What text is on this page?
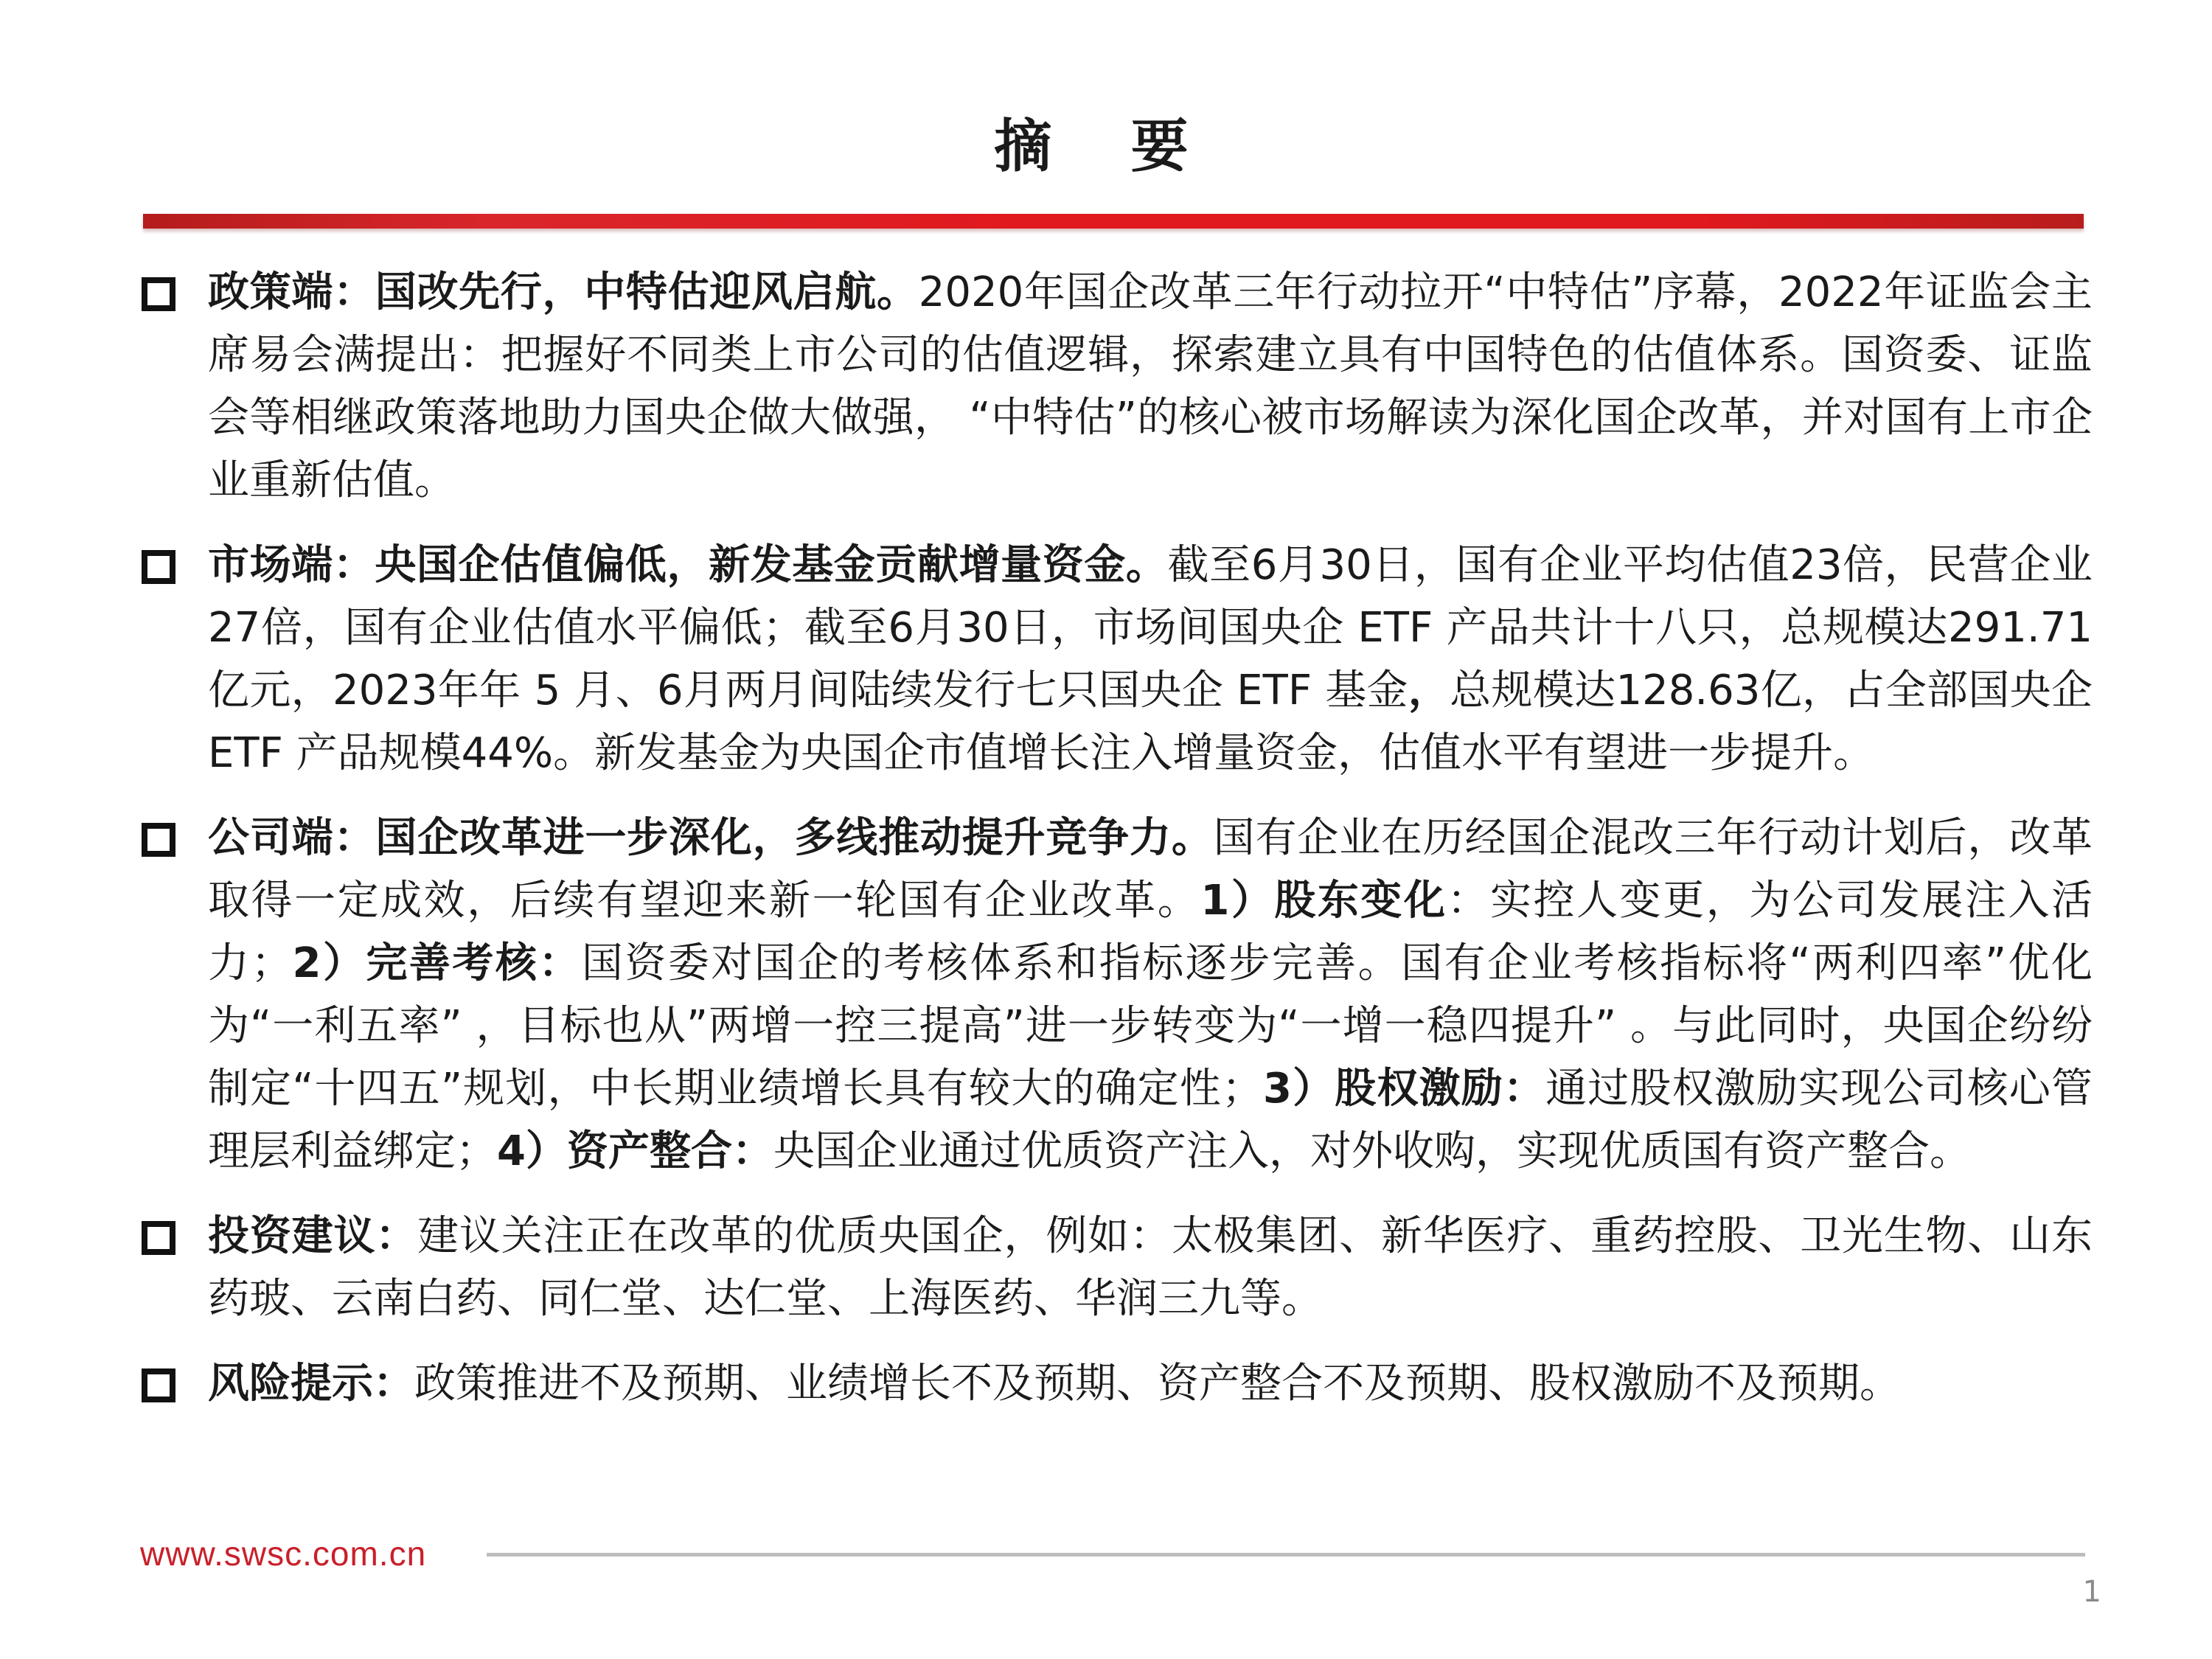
摘 要
政策端：国改先行，中特估迎风启航。2020年国企改革三年行动拉开“中特估”序幕，2022年证监会主席易会满提出：把握好不同类上市公司的估值逻辑，探索建立具有中国特色的估值体系。国资委、证监会等相继政策落地助力国央企做大做强， “中特估”的核心被市场解读为深化国企改革，并对国有上市企业重新估值。
市场端：央国企估值偏低，新发基金贡献增量资金。截至6月30日，国有企业平均估值23倍，民营企业27倍，国有企业估值水平偏低；截至6月30日，市场间国央企 ETF 产品共计十八只，总规模达291.71亿元，2023年年 5 月、6月两月间陆续发行七只国央企 ETF 基金，总规模达128.63亿，占全部国央企 ETF 产品规模44%。新发基金为央国企市值增长注入增量资金，估值水平有望进一步提升。
公司端：国企改革进一步深化，多线推动提升竞争力。国有企业在历经国企混改三年行动计划后，改革取得一定成效，后续有望迎来新一轮国有企业改革。1）股东变化：实控人变更，为公司发展注入活力；2）完善考核：国资委对国企的考核体系和指标逐步完善。国有企业考核指标将“两利四率”优化为“一利五率” ，目标也从”两增一控三提高”进一步转变为“一增一稳四提升” 。与此同时，央国企纷纷制定“十四五”规划，中长期业绩增长具有较大的确定性；3）股权激励：通过股权激励实现公司核心管理层利益绑定；4）资产整合：央国企业通过优质资产注入，对外收购，实现优质国有资产整合。
投资建议：建议关注正在改革的优质央国企，例如：太极集团、新华医疗、重药控股、卫光生物、山东药玻、云南白药、同仁堂、达仁堂、上海医药、华润三九等。
风险提示：政策推进不及预期、业绩增长不及预期、资产整合不及预期、股权激励不及预期。
www.swsc.com.cn
1
